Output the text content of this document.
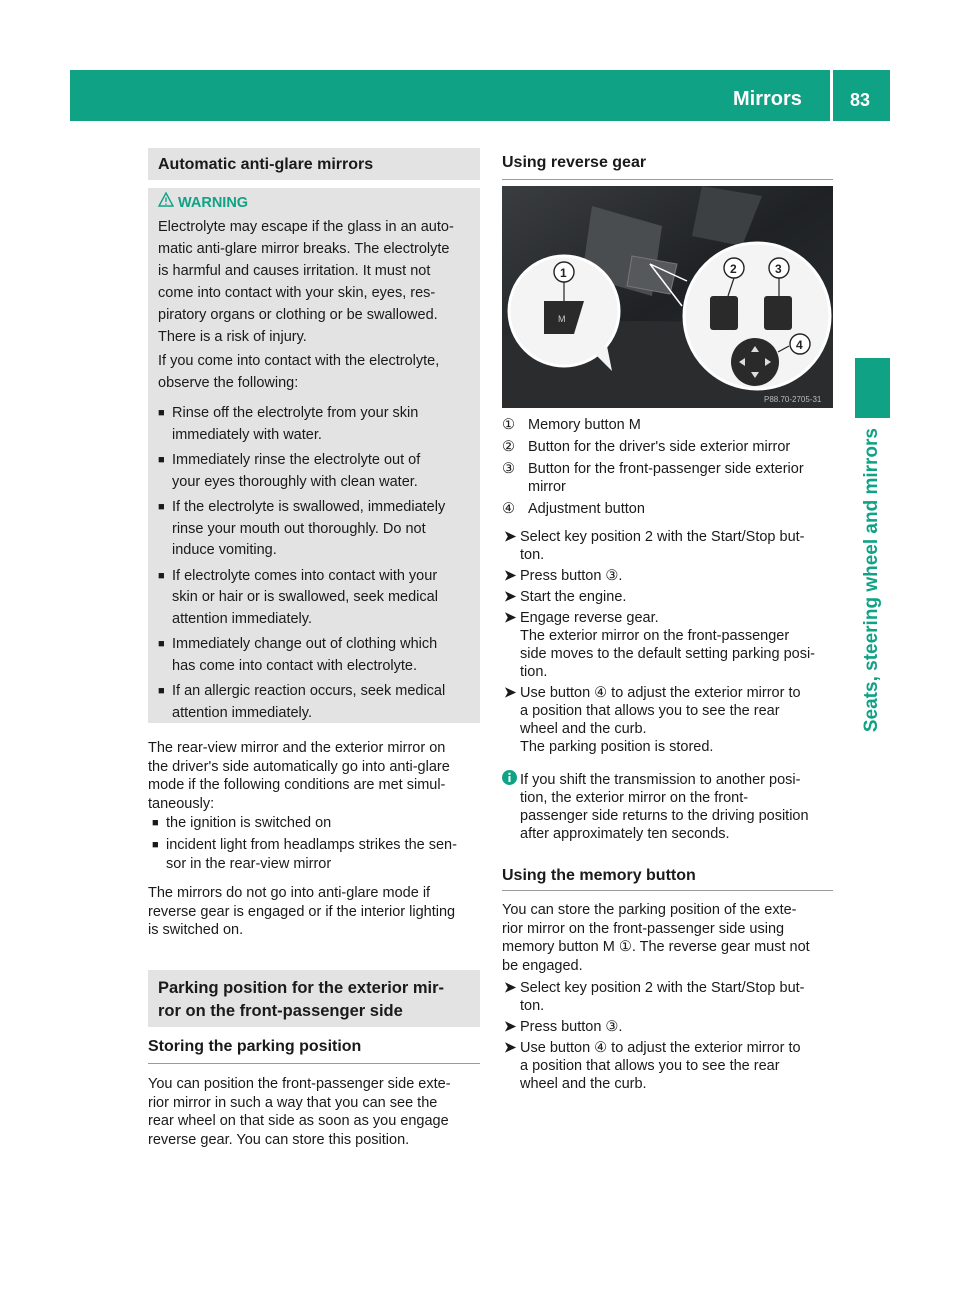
Mirrors	83
Seats, steering wheel and mirrors
Automatic anti-glare mirrors
WARNING
Electrolyte may escape if the glass in an auto-
matic anti-glare mirror breaks. The electrolyte
is harmful and causes irritation. It must not
come into contact with your skin, eyes, res-
piratory organs or clothing or be swallowed.
There is a risk of injury.
If you come into contact with the electrolyte,
observe the following:
■ Rinse off the electrolyte from your skin
immediately with water.
■ Immediately rinse the electrolyte out of
your eyes thoroughly with clean water.
■ If the electrolyte is swallowed, immediately
rinse your mouth out thoroughly. Do not
induce vomiting.
■ If electrolyte comes into contact with your
skin or hair or is swallowed, seek medical
attention immediately.
■ Immediately change out of clothing which
has come into contact with electrolyte.
■ If an allergic reaction occurs, seek medical
attention immediately.
The rear-view mirror and the exterior mirror on
the driver's side automatically go into anti-glare
mode if the following conditions are met simul-
taneously:
■ the ignition is switched on
■ incident light from headlamps strikes the sen-
sor in the rear-view mirror
The mirrors do not go into anti-glare mode if
reverse gear is engaged or if the interior lighting
is switched on.
Parking position for the exterior mir-
ror on the front-passenger side
Storing the parking position
You can position the front-passenger side exte-
rior mirror in such a way that you can see the
rear wheel on that side as soon as you engage
reverse gear. You can store this position.
Using reverse gear
M
1	2	3
4
P88.70-2705-31
① Memory button M
② Button for the driver's side exterior mirror
③ Button for the front-passenger side exterior
mirror
④ Adjustment button
➤ Select key position 2 with the Start/Stop but-
ton.
➤ Press button ③.
➤ Start the engine.
➤ Engage reverse gear.
The exterior mirror on the front-passenger
side moves to the default setting parking posi-
tion.
➤ Use button ④ to adjust the exterior mirror to
a position that allows you to see the rear
wheel and the curb.
The parking position is stored.
If you shift the transmission to another posi-
tion, the exterior mirror on the front-
passenger side returns to the driving position
after approximately ten seconds.
Using the memory button
You can store the parking position of the exte-
rior mirror on the front-passenger side using
memory button M ①. The reverse gear must not
be engaged.
➤ Select key position 2 with the Start/Stop but-
ton.
➤ Press button ③.
➤ Use button ④ to adjust the exterior mirror to
a position that allows you to see the rear
wheel and the curb.
